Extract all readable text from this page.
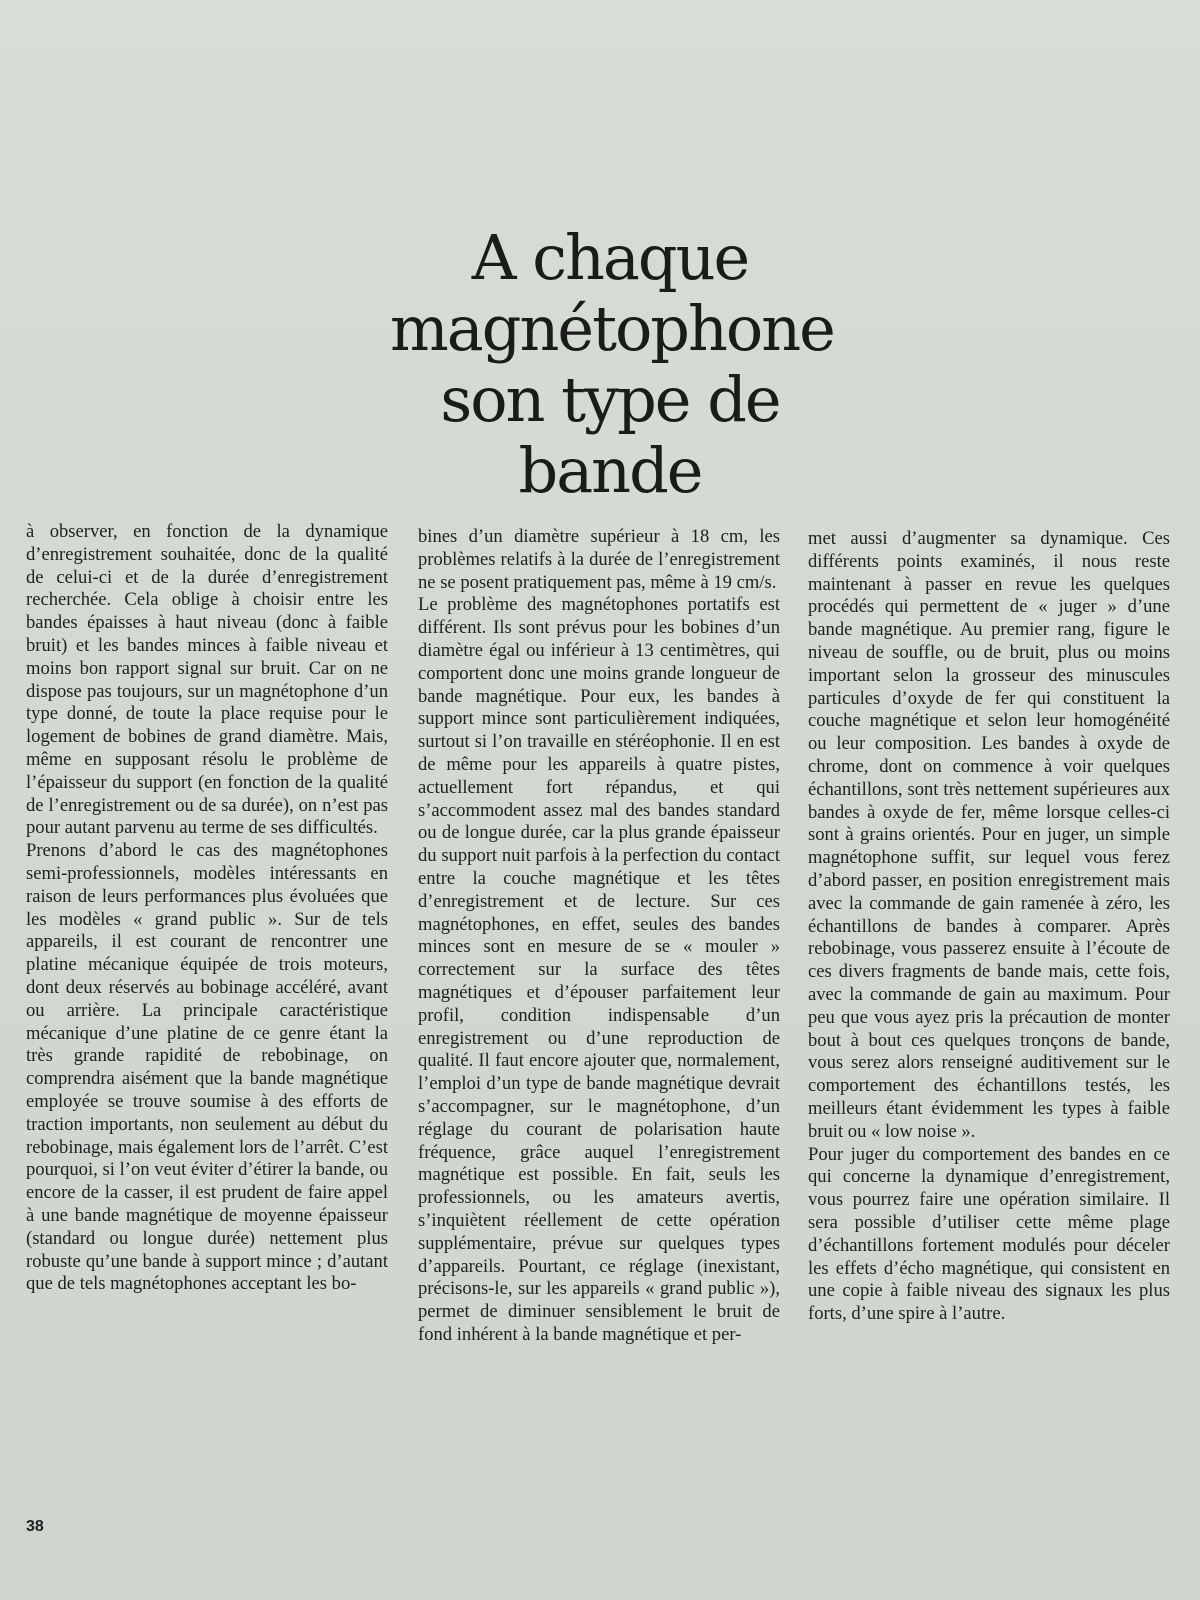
A chaque magnétophone son type de bande

à observer, en fonction de la dynamique d’enregistrement souhaitée, donc de la qualité de celui-ci et de la durée d’enregistrement recherchée. Cela oblige à choisir entre les bandes épaisses à haut niveau (donc à faible bruit) et les bandes minces à faible niveau et moins bon rapport signal sur bruit. Car on ne dispose pas toujours, sur un magnétophone d’un type donné, de toute la place requise pour le logement de bobines de grand diamètre. Mais, même en supposant résolu le problème de l’épaisseur du support (en fonction de la qualité de l’enregistrement ou de sa durée), on n’est pas pour autant parvenu au terme de ses difficultés.

Prenons d’abord le cas des magnétophones semi-professionnels, modèles intéressants en raison de leurs performances plus évoluées que les modèles « grand public ». Sur de tels appareils, il est courant de rencontrer une platine mécanique équipée de trois moteurs, dont deux réservés au bobinage accéléré, avant ou arrière. La principale caractéristique mécanique d’une platine de ce genre étant la très grande rapidité de rebobinage, on comprendra aisément que la bande magnétique employée se trouve soumise à des efforts de traction importants, non seulement au début du rebobinage, mais également lors de l’arrêt. C’est pourquoi, si l’on veut éviter d’étirer la bande, ou encore de la casser, il est prudent de faire appel à une bande magnétique de moyenne épaisseur (standard ou longue durée) nettement plus robuste qu’une bande à support mince ; d’autant que de tels magnétophones acceptant les bo-

bines d’un diamètre supérieur à 18 cm, les problèmes relatifs à la durée de l’enregistrement ne se posent pratiquement pas, même à 19 cm/s.

Le problème des magnétophones portatifs est différent. Ils sont prévus pour les bobines d’un diamètre égal ou inférieur à 13 centimètres, qui comportent donc une moins grande longueur de bande magnétique. Pour eux, les bandes à support mince sont particulièrement indiquées, surtout si l’on travaille en stéréophonie. Il en est de même pour les appareils à quatre pistes, actuellement fort répandus, et qui s’accommodent assez mal des bandes standard ou de longue durée, car la plus grande épaisseur du support nuit parfois à la perfection du contact entre la couche magnétique et les têtes d’enregistrement et de lecture. Sur ces magnétophones, en effet, seules des bandes minces sont en mesure de se « mouler » correctement sur la surface des têtes magnétiques et d’épouser parfaitement leur profil, condition indispensable d’un enregistrement ou d’une reproduction de qualité. Il faut encore ajouter que, normalement, l’emploi d’un type de bande magnétique devrait s’accompagner, sur le magnétophone, d’un réglage du courant de polarisation haute fréquence, grâce auquel l’enregistrement magnétique est possible. En fait, seuls les professionnels, ou les amateurs avertis, s’inquiètent réellement de cette opération supplémentaire, prévue sur quelques types d’appareils. Pourtant, ce réglage (inexistant, précisons-le, sur les appareils « grand public »), permet de diminuer sensiblement le bruit de fond inhérent à la bande magnétique et per-

met aussi d’augmenter sa dynamique. Ces différents points examinés, il nous reste maintenant à passer en revue les quelques procédés qui permettent de « juger » d’une bande magnétique. Au premier rang, figure le niveau de souffle, ou de bruit, plus ou moins important selon la grosseur des minuscules particules d’oxyde de fer qui constituent la couche magnétique et selon leur homogénéité ou leur composition. Les bandes à oxyde de chrome, dont on commence à voir quelques échantillons, sont très nettement supérieures aux bandes à oxyde de fer, même lorsque celles-ci sont à grains orientés. Pour en juger, un simple magnétophone suffit, sur lequel vous ferez d’abord passer, en position enregistrement mais avec la commande de gain ramenée à zéro, les échantillons de bandes à comparer. Après rebobinage, vous passerez ensuite à l’écoute de ces divers fragments de bande mais, cette fois, avec la commande de gain au maximum. Pour peu que vous ayez pris la précaution de monter bout à bout ces quelques tronçons de bande, vous serez alors renseigné auditivement sur le comportement des échantillons testés, les meilleurs étant évidemment les types à faible bruit ou « low noise ».

Pour juger du comportement des bandes en ce qui concerne la dynamique d’enregistrement, vous pourrez faire une opération similaire. Il sera possible d’utiliser cette même plage d’échantillons fortement modulés pour déceler les effets d’écho magnétique, qui consistent en une copie à faible niveau des signaux les plus forts, d’une spire à l’autre.

38
